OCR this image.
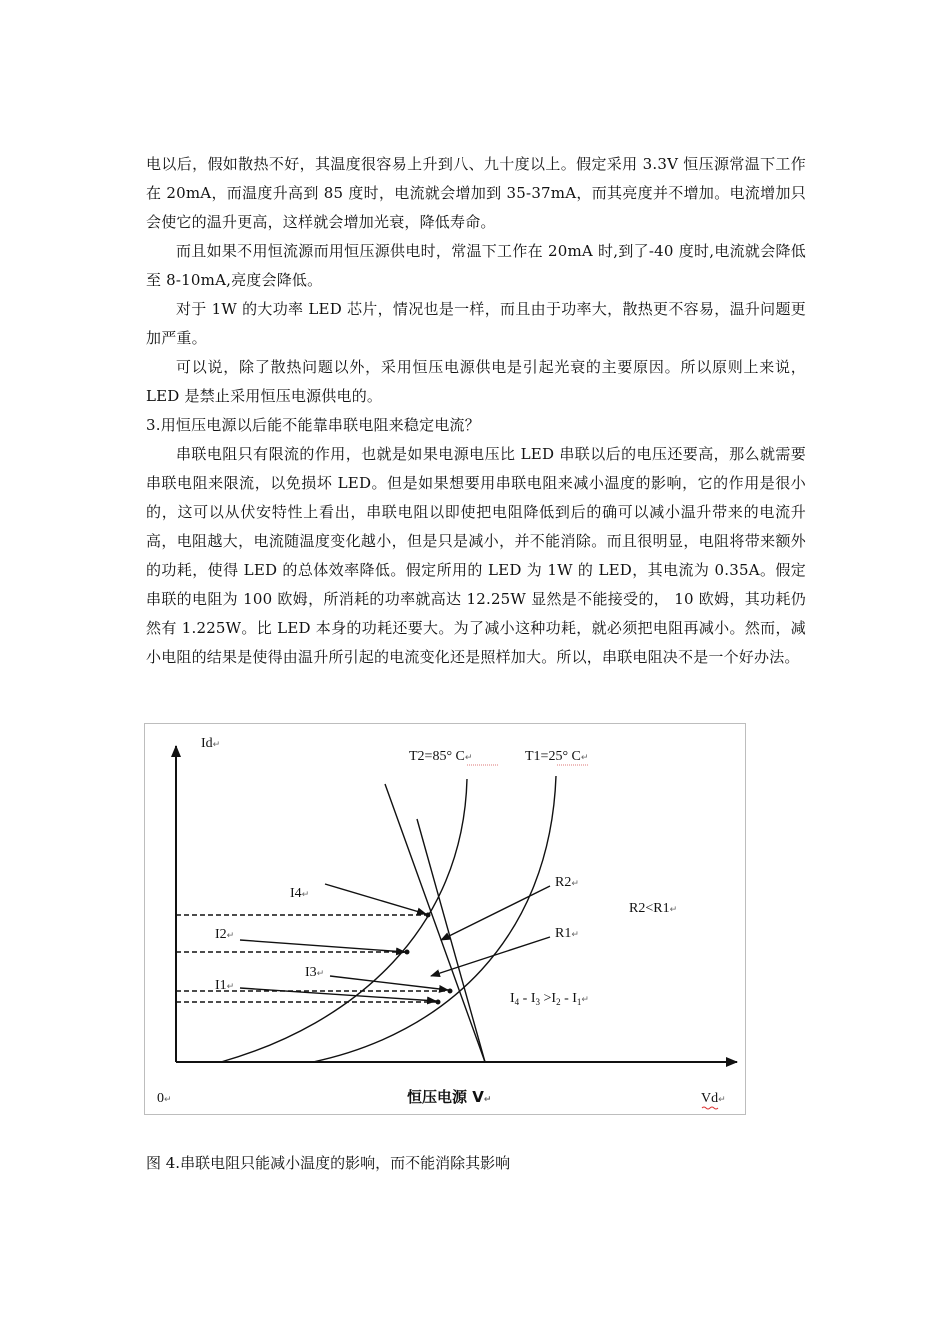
电以后，假如散热不好，其温度很容易上升到八、九十度以上。假定采用 3.3V 恒压源常温下工作在 20mA，而温度升高到 85 度时，电流就会增加到 35-37mA，而其亮度并不增加。电流增加只会使它的温升更高，这样就会增加光衰，降低寿命。

而且如果不用恒流源而用恒压源供电时，常温下工作在 20mA 时,到了-40 度时,电流就会降低至 8-10mA,亮度会降低。

对于 1W 的大功率 LED 芯片，情况也是一样，而且由于功率大，散热更不容易，温升问题更加严重。

可以说，除了散热问题以外，采用恒压电源供电是引起光衰的主要原因。所以原则上来说，LED 是禁止采用恒压电源供电的。

3.用恒压电源以后能不能靠串联电阻来稳定电流？

串联电阻只有限流的作用，也就是如果电源电压比 LED 串联以后的电压还要高，那么就需要串联电阻来限流，以免损坏 LED。但是如果想要用串联电阻来减小温度的影响，它的作用是很小的，这可以从伏安特性上看出，串联电阻以即使把电阻降低到后的确可以减小温升带来的电流升高，电阻越大，电流随温度变化越小，但是只是减小，并不能消除。而且很明显，电阻将带来额外的功耗，使得 LED 的总体效率降低。假定所用的 LED 为 1W 的 LED，其电流为 0.35A。假定串联的电阻为 100 欧姆，所消耗的功率就高达 12.25W 显然是不能接受的， 10 欧姆，其功耗仍然有 1.225W。比 LED 本身的功耗还要大。为了减小这种功耗，就必须把电阻再减小。然而，减小电阻的结果是使得由温升所引起的电流变化还是照样加大。所以，串联电阻决不是一个好办法。

Id↵
T2=85° C↵	T1=25° C↵
R2↵
R1↵
R2<R1↵
I4↵
I2↵
I3↵
I1↵
$I_4 - I_3 >I_2 - I_1^↵$
0↵	恒压电源 V↵	Vd↵
图 4.串联电阻只能减小温度的影响，而不能消除其影响
